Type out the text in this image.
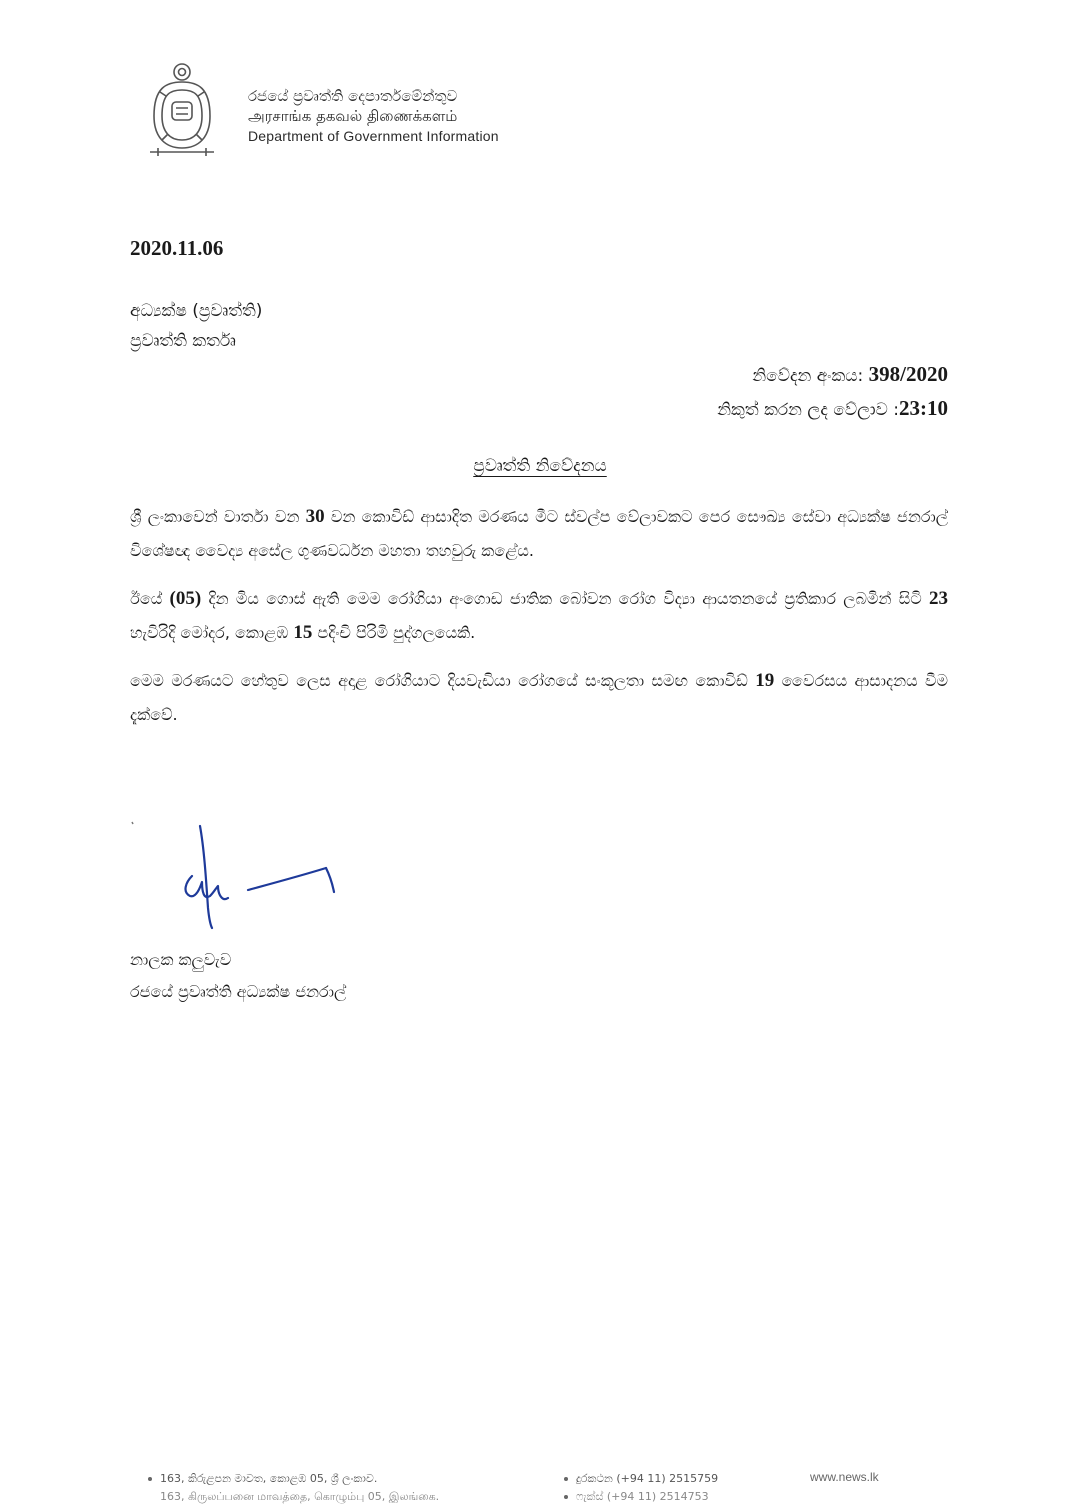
රජයේ ප්‍රවෘත්ති දෙපාර්තමේන්තුව
அரசாங்க தகவல் திணைக்களம்
Department of Government Information
2020.11.06
අධ්‍යක්ෂ (ප්‍රවෘත්ති)
ප්‍රවෘත්ති කර්තෘ
නිවේදන අංකය: 398/2020
නිකුත් කරන ලද වේලාව :23:10
ප්‍රවෘත්ති නිවේදනය

ශ්‍රී ලංකාවෙන් වාර්තා වන 30 වන කොවිඩ් ආසාදිත මරණය මීට ස්වල්ප වේලාවකට පෙර සෞඛ්‍ය සේවා අධ්‍යක්ෂ ජනරාල් විශේෂඥ වෛද්‍ය අසේල ගුණවර්ධන මහතා තහවුරු කළේය.

ඊයේ (05) දින මිය ගොස් ඇති මෙම රෝගියා අංගොඩ ජාතික බෝවන රෝග විද්‍යා ආයතනයේ ප්‍රතිකාර ලබමින් සිටි 23 හැවිරිදි මෝදර, කොළඹ 15 පදිංචි පිරිමි පුද්ගලයෙකි.

මෙම මරණයට හේතුව ලෙස අදාළ රෝගියාට දියවැඩියා රෝගයේ සංකූලතා සමඟ කොවිඩ් 19 වෛරසය ආසාදනය වීම දැක්වේ.

නාලක කලුවැව
රජයේ ප්‍රවෘත්ති අධ්‍යක්ෂ ජනරාල්
163, කිරුළපන මාවත, කොළඹ 05, ශ්‍රී ලංකාව.
163, கிருலப்பனை மாவத்தை, கொழும்பு 05, இலங்கை.
දුරකථන (+94 11) 2515759
ෆැක්ස් (+94 11) 2514753
www.news.lk
